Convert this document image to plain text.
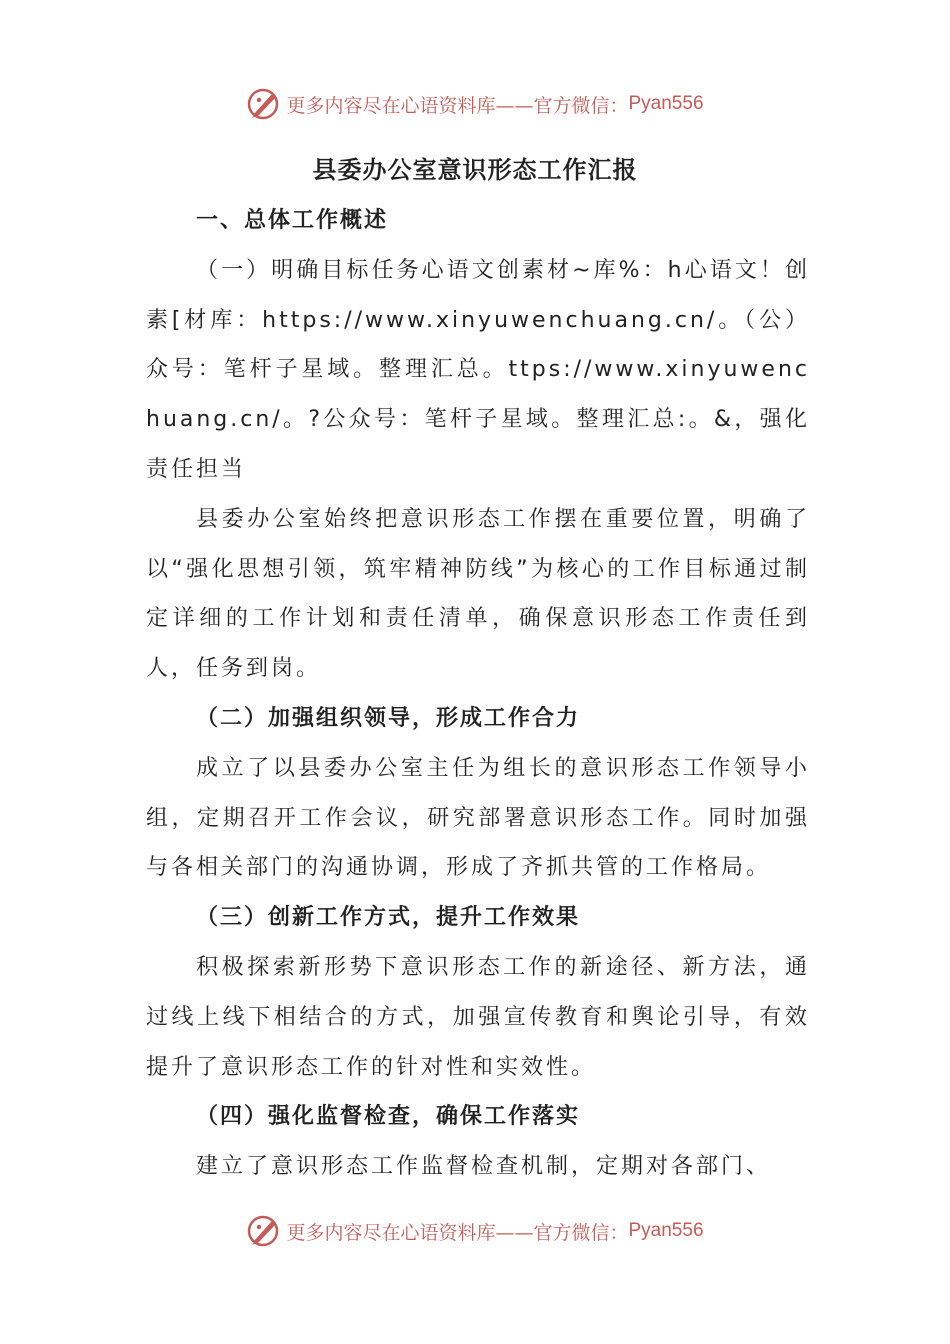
更多内容尽在心语资料库——官方微信： Pyan556
县委办公室意识形态工作汇报

一、总体工作概述

（一）明确目标任务心语文创素材~库%：h心语文！创素[材库：https://www.xinyuwenchuang.cn/。（公）众号：笔杆子星域。整理汇总。ttps://www.xinyuwenchuang.cn/。?公众号：笔杆子星域。整理汇总:。&，强化责任担当

县委办公室始终把意识形态工作摆在重要位置，明确了以“强化思想引领，筑牢精神防线”为核心的工作目标通过制定详细的工作计划和责任清单，确保意识形态工作责任到人，任务到岗。

（二）加强组织领导，形成工作合力

成立了以县委办公室主任为组长的意识形态工作领导小组，定期召开工作会议，研究部署意识形态工作。同时加强与各相关部门的沟通协调，形成了齐抓共管的工作格局。

（三）创新工作方式，提升工作效果

积极探索新形势下意识形态工作的新途径、新方法，通过线上线下相结合的方式，加强宣传教育和舆论引导，有效提升了意识形态工作的针对性和实效性。

（四）强化监督检查，确保工作落实

建立了意识形态工作监督检查机制，定期对各部门、

更多内容尽在心语资料库——官方微信： Pyan556
